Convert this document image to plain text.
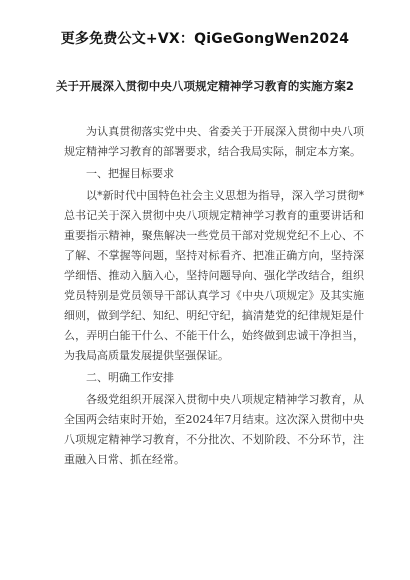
更多免费公文+VX：QiGeGongWen2024
关于开展深入贯彻中央八项规定精神学习教育的实施方案2

为认真贯彻落实党中央、省委关于开展深入贯彻中央八项规定精神学习教育的部署要求，结合我局实际，制定本方案。

一、把握目标要求

以*新时代中国特色社会主义思想为指导，深入学习贯彻*总书记关于深入贯彻中央八项规定精神学习教育的重要讲话和重要指示精神，聚焦解决一些党员干部对党规党纪不上心、不了解、不掌握等问题，坚持对标看齐、把准正确方向，坚持深学细悟、推动入脑入心，坚持问题导向、强化学改结合，组织党员特别是党员领导干部认真学习《中央八项规定》及其实施细则，做到学纪、知纪、明纪守纪，搞清楚党的纪律规矩是什么，弄明白能干什么、不能干什么，始终做到忠诚干净担当，为我局高质量发展提供坚强保证。

二、明确工作安排

各级党组织开展深入贯彻中央八项规定精神学习教育，从全国两会结束时开始，至2024年7月结束。这次深入贯彻中央八项规定精神学习教育，不分批次、不划阶段、不分环节，注重融入日常、抓在经常。
